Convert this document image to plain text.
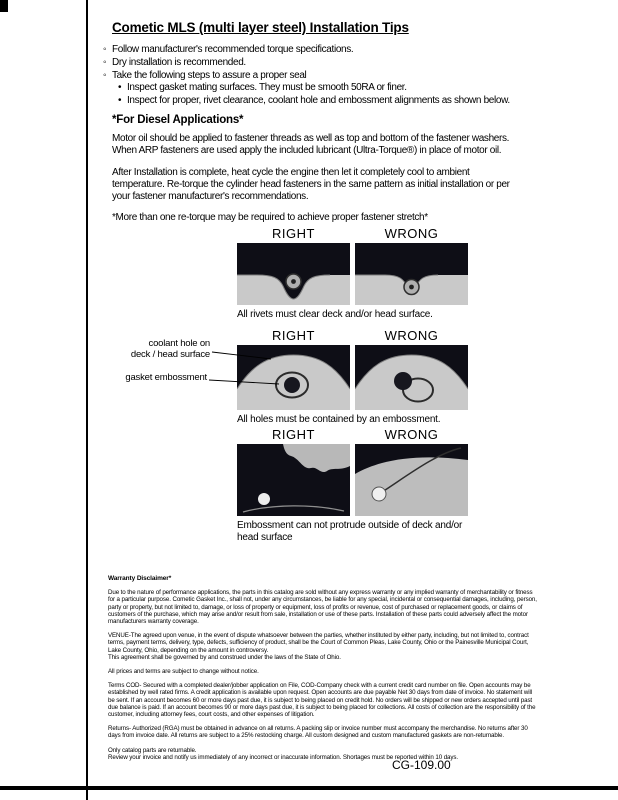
Cometic MLS (multi layer steel) Installation Tips
◦ Follow manufacturer's recommended torque specifications.
◦ Dry installation is recommended.
◦ Take the following steps to assure a proper seal
• Inspect gasket mating surfaces. They must be smooth 50RA or finer.
• Inspect for proper, rivet clearance, coolant hole and embossment alignments as shown below.
*For Diesel Applications*

Motor oil should be applied to fastener threads as well as top and bottom of the fastener washers. When ARP fasteners are used apply the included lubricant (Ultra-Torque®) in place of motor oil.

After Installation is complete, heat cycle the engine then let it completely cool to ambient temperature. Re-torque the cylinder head fasteners in the same pattern as initial installation or per your fastener manufacturer's recommendations.

*More than one re-torque may be required to achieve proper fastener stretch*

RIGHT	WRONG
All rivets must clear deck and/or head surface.
RIGHT	WRONG
All holes must be contained by an embossment.
RIGHT	WRONG
Embossment can not protrude outside of deck and/or head surface
coolant hole on
deck / head surface
gasket embossment
Warranty Disclaimer*

Due to the nature of performance applications, the parts in this catalog are sold without any express warranty or any implied warranty of merchantability or fitness for a particular purpose. Cometic Gasket Inc., shall not, under any circumstances, be liable for any special, incidental or consequential damages, including, person, party or property, but not limited to, damage, or loss of property or equipment, loss of profits or revenue, cost of purchased or replacement goods, or claims of customers of the purchase, which may arise and/or result from sale, installation or use of these parts. Installation of these parts could adversely affect the motor manufacturers warranty coverage.

VENUE-The agreed upon venue, in the event of dispute whatsoever between the parties, whether instituted by either party, including, but not limited to, contract terms, payment terms, delivery, type, defects, sufficiency of product, shall be the Court of Common Pleas, Lake County, Ohio or the Painesville Municipal Court, Lake County, Ohio, depending on the amount in controversy.

This agreement shall be governed by and construed under the laws of the State of Ohio.

All prices and terms are subject to change without notice.

Terms COD- Secured with a completed dealer/jobber application on File, COD-Company check with a current credit card number on file. Open accounts may be established by well rated firms. A credit application is available upon request. Open accounts are due payable Net 30 days from date of invoice. No statement will be sent. If an account becomes 60 or more days past due, it is subject to being placed on credit hold. No orders will be shipped or new orders accepted until past due balance is paid. If an account becomes 90 or more days past due, it is subject to being placed for collections. All costs of collection are the responsibility of the customer, including attorney fees, court costs, and other expenses of litigation.

Returns- Authorized (RGA) must be obtained in advance on all returns. A packing slip or invoice number must accompany the merchandise. No returns after 30 days from invoice date. All returns are subject to a 25% restocking charge. All custom designed and custom manufactured gaskets are non-returnable.

Only catalog parts are returnable.

Review your invoice and notify us immediately of any incorrect or inaccurate information. Shortages must be reported within 10 days.

CG-109.00
